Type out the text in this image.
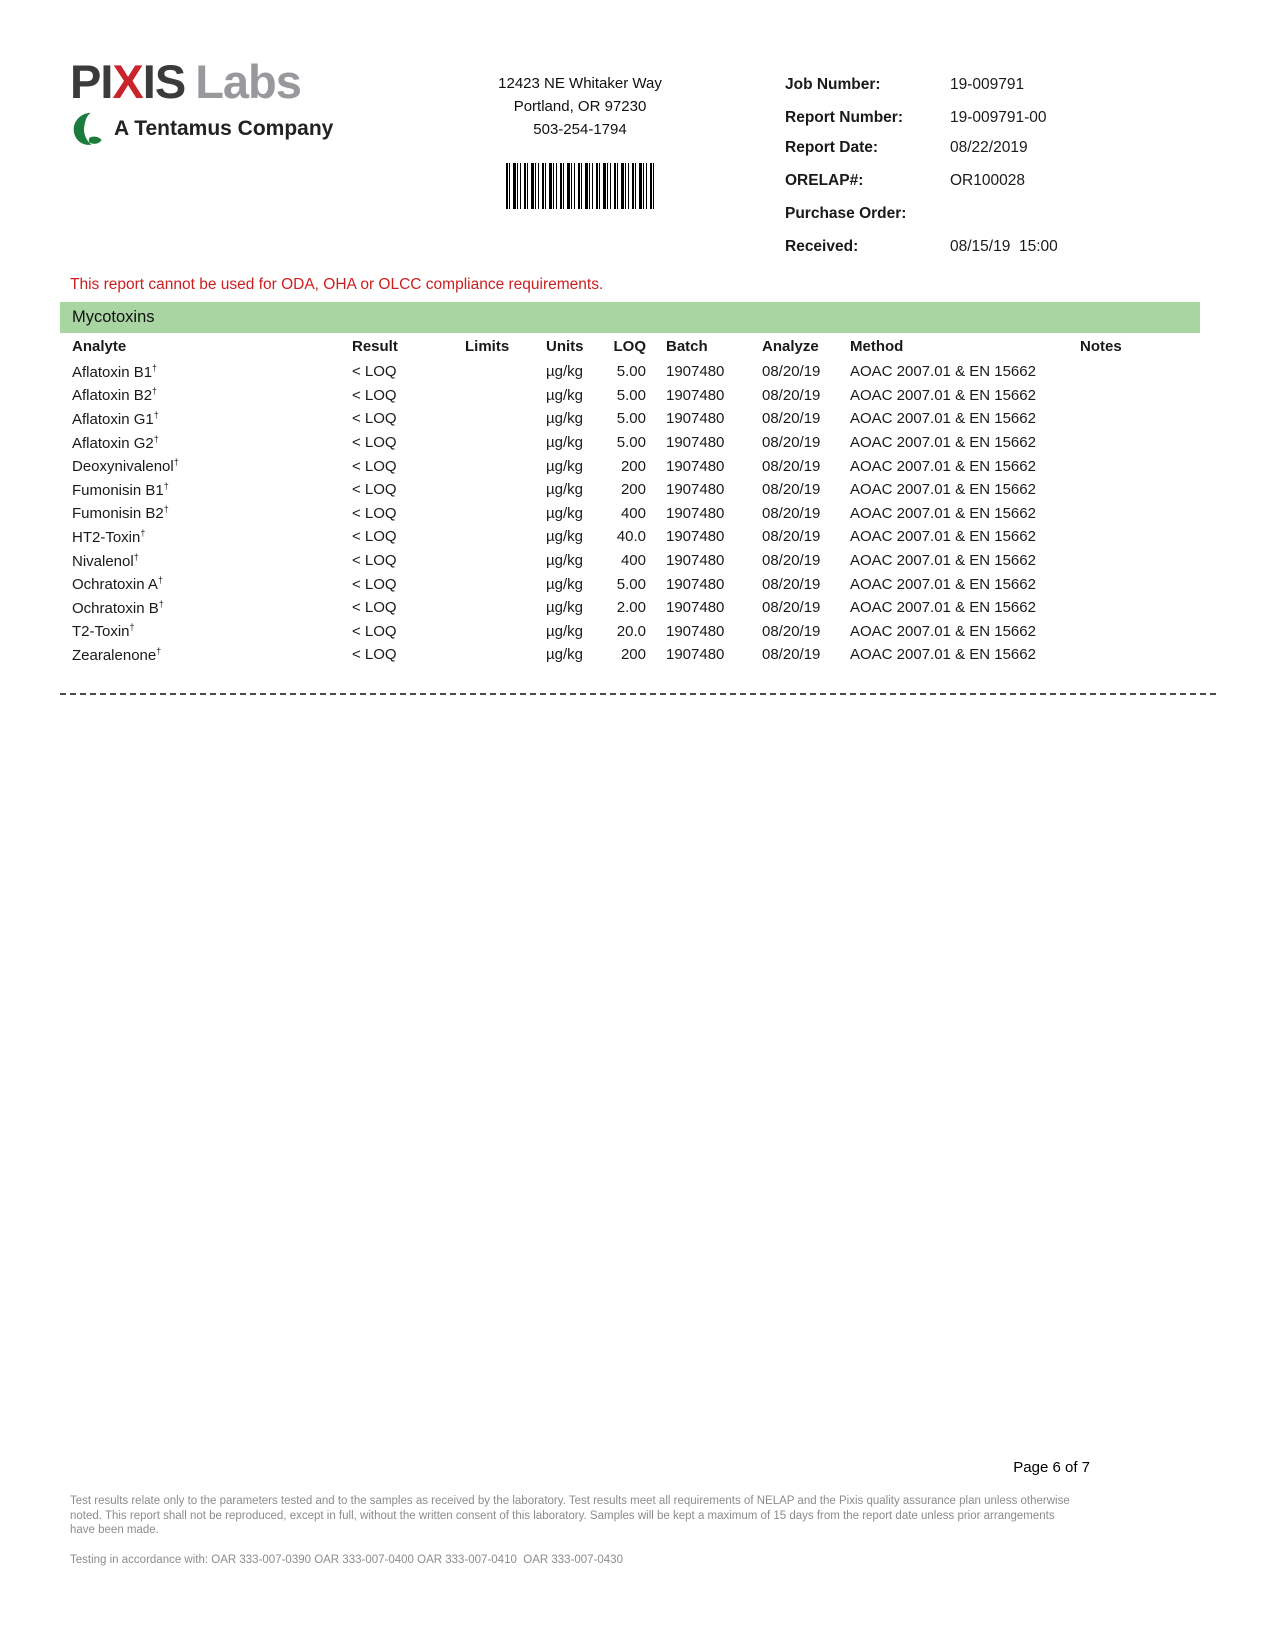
PIXIS Labs
A Tentamus Company
12423 NE Whitaker Way
Portland, OR 97230
503-254-1794
Job Number:	19-009791
Report Number:	19-009791-00
Report Date:	08/22/2019
ORELAP#:	OR100028
Purchase Order:
Received:	08/15/19  15:00
This report cannot be used for ODA, OHA or OLCC compliance requirements.
Mycotoxins
Analyte	Result	Limits	Units	LOQ	Batch	Analyze	Method	Notes
Aflatoxin B1†	< LOQ		µg/kg	5.00	1907480	08/20/19	AOAC 2007.01 & EN 15662	
Aflatoxin B2†	< LOQ		µg/kg	5.00	1907480	08/20/19	AOAC 2007.01 & EN 15662	
Aflatoxin G1†	< LOQ		µg/kg	5.00	1907480	08/20/19	AOAC 2007.01 & EN 15662	
Aflatoxin G2†	< LOQ		µg/kg	5.00	1907480	08/20/19	AOAC 2007.01 & EN 15662	
Deoxynivalenol†	< LOQ		µg/kg	200	1907480	08/20/19	AOAC 2007.01 & EN 15662	
Fumonisin B1†	< LOQ		µg/kg	200	1907480	08/20/19	AOAC 2007.01 & EN 15662	
Fumonisin B2†	< LOQ		µg/kg	400	1907480	08/20/19	AOAC 2007.01 & EN 15662	
HT2-Toxin†	< LOQ		µg/kg	40.0	1907480	08/20/19	AOAC 2007.01 & EN 15662	
Nivalenol†	< LOQ		µg/kg	400	1907480	08/20/19	AOAC 2007.01 & EN 15662	
Ochratoxin A†	< LOQ		µg/kg	5.00	1907480	08/20/19	AOAC 2007.01 & EN 15662	
Ochratoxin B†	< LOQ		µg/kg	2.00	1907480	08/20/19	AOAC 2007.01 & EN 15662	
T2-Toxin†	< LOQ		µg/kg	20.0	1907480	08/20/19	AOAC 2007.01 & EN 15662	
Zearalenone†	< LOQ		µg/kg	200	1907480	08/20/19	AOAC 2007.01 & EN 15662	
Page 6 of 7
Test results relate only to the parameters tested and to the samples as received by the laboratory. Test results meet all requirements of NELAP and the Pixis quality assurance plan unless otherwise noted. This report shall not be reproduced, except in full, without the written consent of this laboratory. Samples will be kept a maximum of 15 days from the report date unless prior arrangements have been made.
Testing in accordance with: OAR 333-007-0390 OAR 333-007-0400 OAR 333-007-0410  OAR 333-007-0430
